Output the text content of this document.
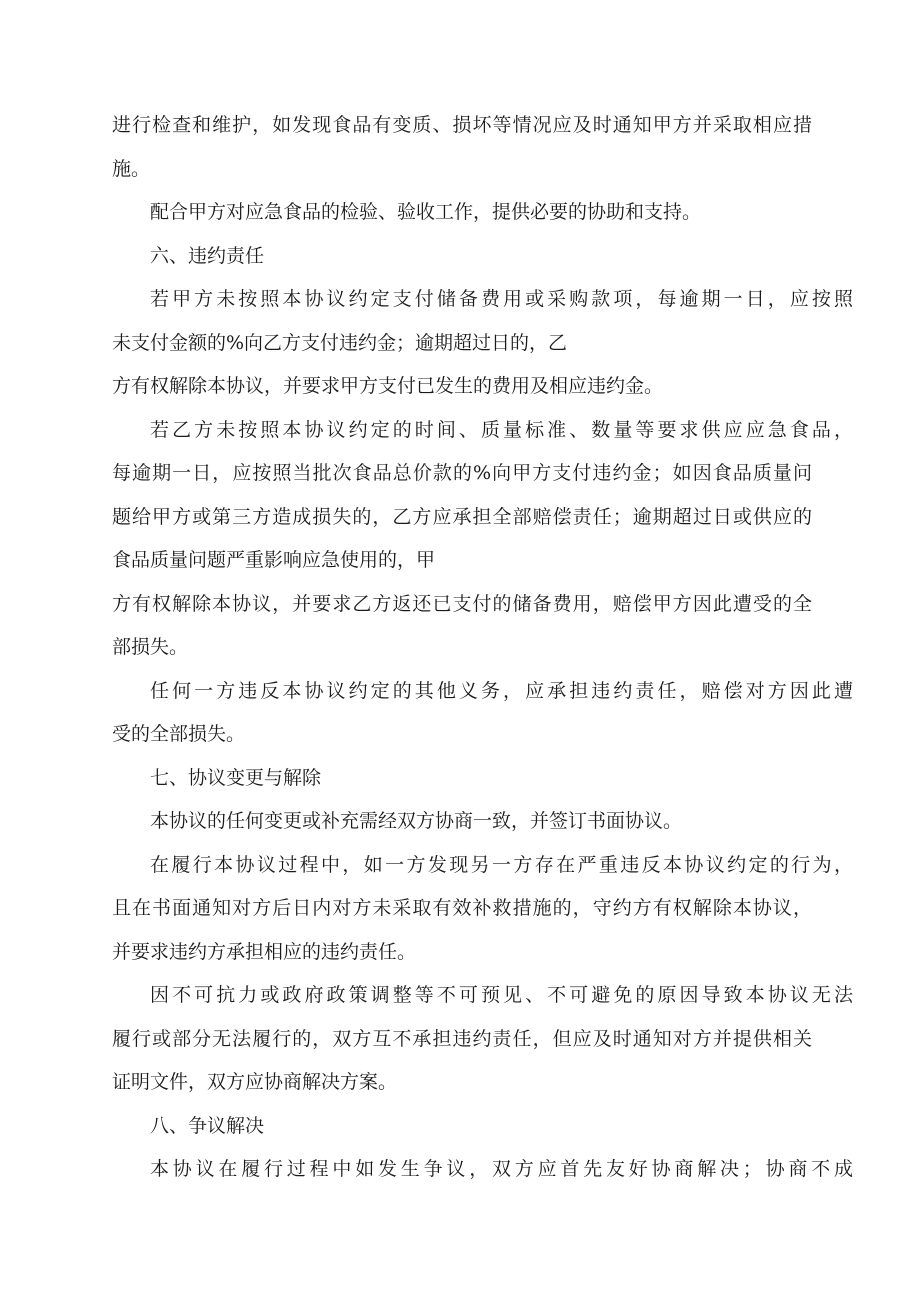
进行检查和维护，如发现食品有变质、损坏等情况应及时通知甲方并采取相应措
施。
配合甲方对应急食品的检验、验收工作，提供必要的协助和支持。
六、违约责任
若甲方未按照本协议约定支付储备费用或采购款项，每逾期一日，应按照
未支付金额的%向乙方支付违约金；逾期超过日的，乙
方有权解除本协议，并要求甲方支付已发生的费用及相应违约金。
若乙方未按照本协议约定的时间、质量标准、数量等要求供应应急食品，
每逾期一日，应按照当批次食品总价款的%向甲方支付违约金；如因食品质量问
题给甲方或第三方造成损失的，乙方应承担全部赔偿责任；逾期超过日或供应的
食品质量问题严重影响应急使用的，甲
方有权解除本协议，并要求乙方返还已支付的储备费用，赔偿甲方因此遭受的全
部损失。
任何一方违反本协议约定的其他义务，应承担违约责任，赔偿对方因此遭
受的全部损失。
七、协议变更与解除
本协议的任何变更或补充需经双方协商一致，并签订书面协议。
在履行本协议过程中，如一方发现另一方存在严重违反本协议约定的行为，
且在书面通知对方后日内对方未采取有效补救措施的，守约方有权解除本协议，
并要求违约方承担相应的违约责任。
因不可抗力或政府政策调整等不可预见、不可避免的原因导致本协议无法
履行或部分无法履行的，双方互不承担违约责任，但应及时通知对方并提供相关
证明文件，双方应协商解决方案。
八、争议解决
本协议在履行过程中如发生争议，双方应首先友好协商解决；协商不成
